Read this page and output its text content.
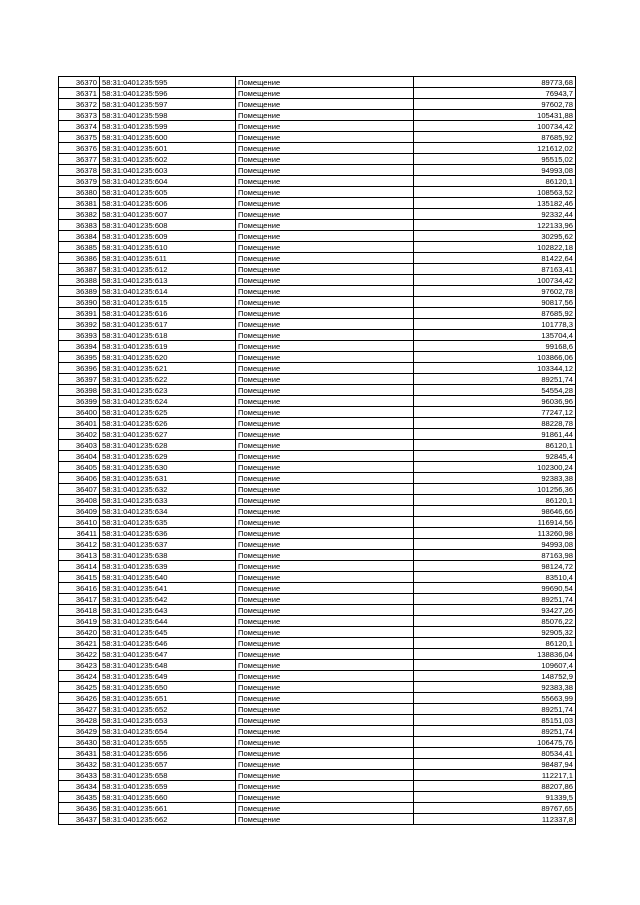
36370	58:31:0401235:595	Помещение	89773,68
36371	58:31:0401235:596	Помещение	76943,7
36372	58:31:0401235:597	Помещение	97602,78
36373	58:31:0401235:598	Помещение	105431,88
36374	58:31:0401235:599	Помещение	100734,42
36375	58:31:0401235:600	Помещение	87685,92
36376	58:31:0401235:601	Помещение	121612,02
36377	58:31:0401235:602	Помещение	95515,02
36378	58:31:0401235:603	Помещение	94993,08
36379	58:31:0401235:604	Помещение	86120,1
36380	58:31:0401235:605	Помещение	108563,52
36381	58:31:0401235:606	Помещение	135182,46
36382	58:31:0401235:607	Помещение	92332,44
36383	58:31:0401235:608	Помещение	122133,96
36384	58:31:0401235:609	Помещение	30295,62
36385	58:31:0401235:610	Помещение	102822,18
36386	58:31:0401235:611	Помещение	81422,64
36387	58:31:0401235:612	Помещение	87163,41
36388	58:31:0401235:613	Помещение	100734,42
36389	58:31:0401235:614	Помещение	97602,78
36390	58:31:0401235:615	Помещение	90817,56
36391	58:31:0401235:616	Помещение	87685,92
36392	58:31:0401235:617	Помещение	101778,3
36393	58:31:0401235:618	Помещение	135704,4
36394	58:31:0401235:619	Помещение	99168,6
36395	58:31:0401235:620	Помещение	103866,06
36396	58:31:0401235:621	Помещение	103344,12
36397	58:31:0401235:622	Помещение	89251,74
36398	58:31:0401235:623	Помещение	54554,28
36399	58:31:0401235:624	Помещение	96036,96
36400	58:31:0401235:625	Помещение	77247,12
36401	58:31:0401235:626	Помещение	88228,78
36402	58:31:0401235:627	Помещение	91861,44
36403	58:31:0401235:628	Помещение	86120,1
36404	58:31:0401235:629	Помещение	92845,4
36405	58:31:0401235:630	Помещение	102300,24
36406	58:31:0401235:631	Помещение	92383,38
36407	58:31:0401235:632	Помещение	101256,36
36408	58:31:0401235:633	Помещение	86120,1
36409	58:31:0401235:634	Помещение	98646,66
36410	58:31:0401235:635	Помещение	116914,56
36411	58:31:0401235:636	Помещение	113260,98
36412	58:31:0401235:637	Помещение	94993,08
36413	58:31:0401235:638	Помещение	87163,98
36414	58:31:0401235:639	Помещение	98124,72
36415	58:31:0401235:640	Помещение	83510,4
36416	58:31:0401235:641	Помещение	99690,54
36417	58:31:0401235:642	Помещение	89251,74
36418	58:31:0401235:643	Помещение	93427,26
36419	58:31:0401235:644	Помещение	85076,22
36420	58:31:0401235:645	Помещение	92905,32
36421	58:31:0401235:646	Помещение	86120,1
36422	58:31:0401235:647	Помещение	138836,04
36423	58:31:0401235:648	Помещение	109607,4
36424	58:31:0401235:649	Помещение	148752,9
36425	58:31:0401235:650	Помещение	92383,38
36426	58:31:0401235:651	Помещение	55663,99
36427	58:31:0401235:652	Помещение	89251,74
36428	58:31:0401235:653	Помещение	85151,03
36429	58:31:0401235:654	Помещение	89251,74
36430	58:31:0401235:655	Помещение	106475,76
36431	58:31:0401235:656	Помещение	80534,41
36432	58:31:0401235:657	Помещение	98487,94
36433	58:31:0401235:658	Помещение	112217,1
36434	58:31:0401235:659	Помещение	88207,86
36435	58:31:0401235:660	Помещение	91339,5
36436	58:31:0401235:661	Помещение	89767,65
36437	58:31:0401235:662	Помещение	112337,8
